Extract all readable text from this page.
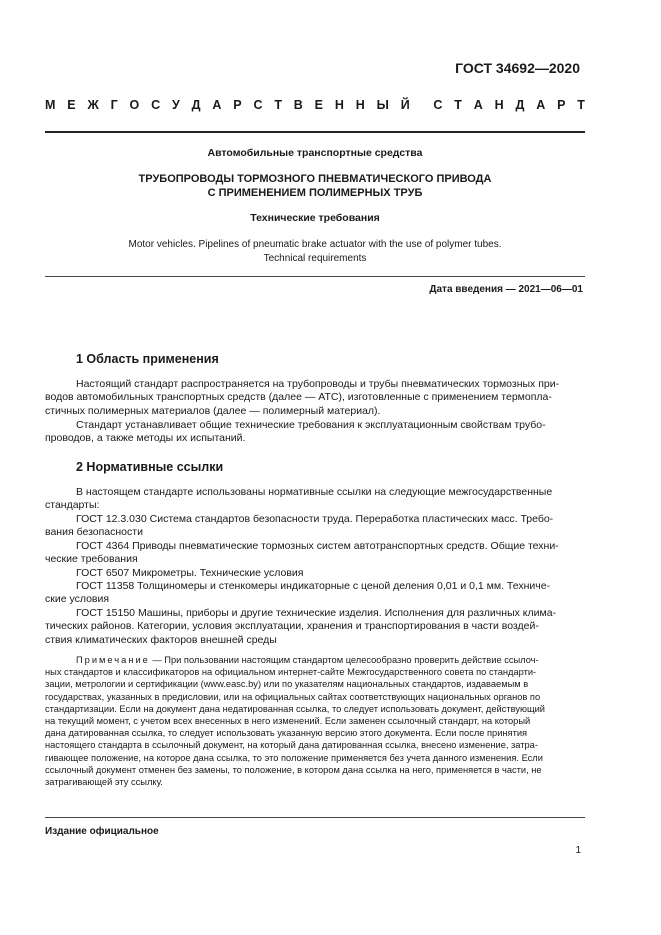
ГОСТ 34692—2020
М Е Ж Г О С У Д А Р С Т В Е Н Н Ы Й С Т А Н Д А Р Т
Автомобильные транспортные средства
ТРУБОПРОВОДЫ ТОРМОЗНОГО ПНЕВМАТИЧЕСКОГО ПРИВОДА
С ПРИМЕНЕНИЕМ ПОЛИМЕРНЫХ ТРУБ
Технические требования
Motor vehicles. Pipelines of pneumatic brake actuator with the use of polymer tubes.
Technical requirements
Дата введения — 2021—06—01
1 Область применения
Настоящий стандарт распространяется на трубопроводы и трубы пневматических тормозных при-
водов автомобильных транспортных средств (далее — АТС), изготовленные с применением термопла-
стичных полимерных материалов (далее — полимерный материал).
Стандарт устанавливает общие технические требования к эксплуатационным свойствам трубо-
проводов, а также методы их испытаний.
2 Нормативные ссылки
В настоящем стандарте использованы нормативные ссылки на следующие межгосударственные
стандарты:
ГОСТ 12.3.030 Система стандартов безопасности труда. Переработка пластических масс. Требо-
вания безопасности
ГОСТ 4364 Приводы пневматические тормозных систем автотранспортных средств. Общие техни-
ческие требования
ГОСТ 6507 Микрометры. Технические условия
ГОСТ 11358 Толщиномеры и стенкомеры индикаторные с ценой деления 0,01 и 0,1 мм. Техниче-
ские условия
ГОСТ 15150 Машины, приборы и другие технические изделия. Исполнения для различных клима-
тических районов. Категории, условия эксплуатации, хранения и транспортирования в части воздей-
ствия климатических факторов внешней среды
Примечание — При пользовании настоящим стандартом целесообразно проверить действие ссылоч-
ных стандартов и классификаторов на официальном интернет-сайте Межгосударственного совета по стандарти-
зации, метрологии и сертификации (www.easc.by) или по указателям национальных стандартов, издаваемым в
государствах, указанных в предисловии, или на официальных сайтах соответствующих национальных органов по
стандартизации. Если на документ дана недатированная ссылка, то следует использовать документ, действующий
на текущий момент, с учетом всех внесенных в него изменений. Если заменен ссылочный стандарт, на который
дана датированная ссылка, то следует использовать указанную версию этого документа. Если после принятия
настоящего стандарта в ссылочный документ, на который дана датированная ссылка, внесено изменение, затра-
гивающее положение, на которое дана ссылка, то это положение применяется без учета данного изменения. Если
ссылочный документ отменен без замены, то положение, в котором дана ссылка на него, применяется в части, не
затрагивающей эту ссылку.
Издание официальное
1
